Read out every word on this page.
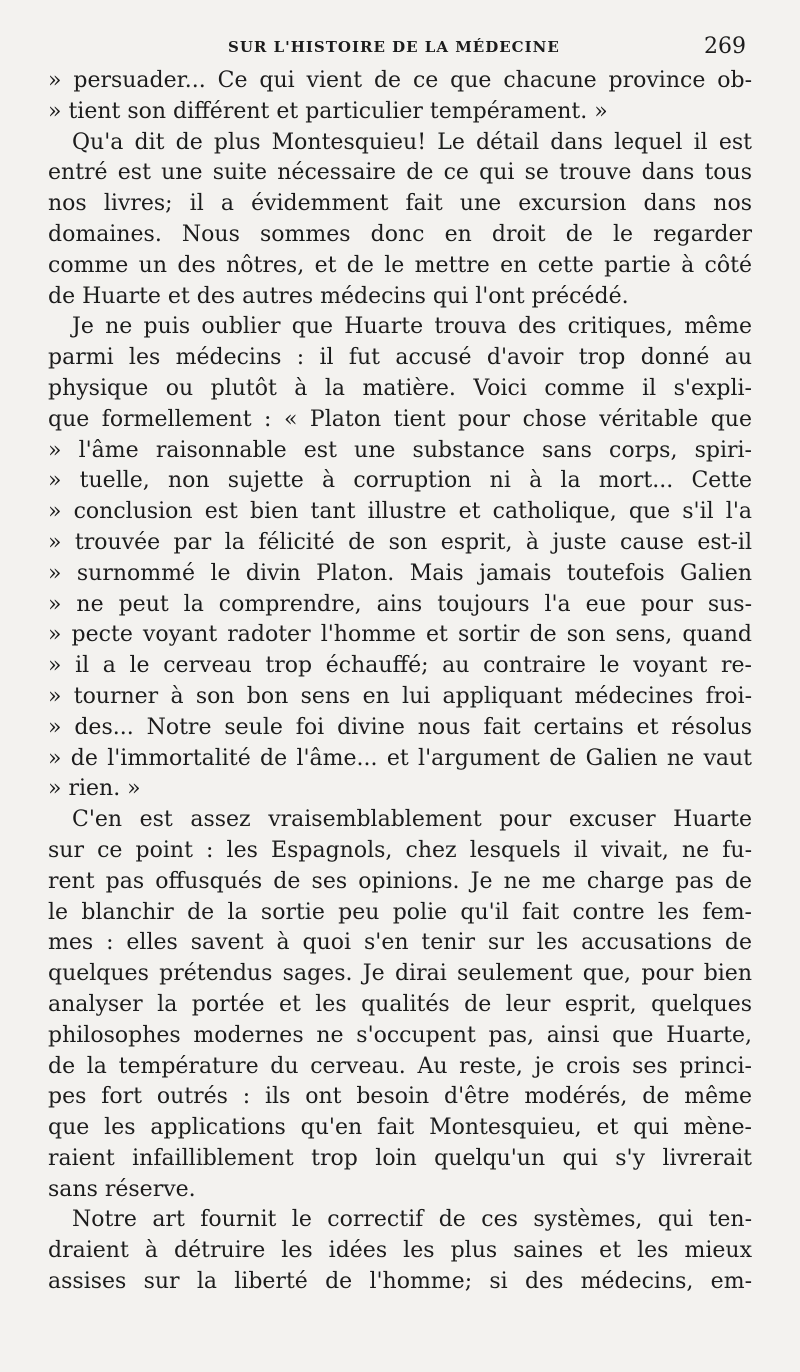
SUR L'HISTOIRE DE LA MÉDECINE	269
» persuader... Ce qui vient de ce que chacune province ob-
» tient son différent et particulier tempérament. »
Qu'a dit de plus Montesquieu! Le détail dans lequel il est
entré est une suite nécessaire de ce qui se trouve dans tous
nos livres; il a évidemment fait une excursion dans nos
domaines. Nous sommes donc en droit de le regarder
comme un des nôtres, et de le mettre en cette partie à côté
de Huarte et des autres médecins qui l'ont précédé.
Je ne puis oublier que Huarte trouva des critiques, même
parmi les médecins : il fut accusé d'avoir trop donné au
physique ou plutôt à la matière. Voici comme il s'expli-
que formellement : « Platon tient pour chose véritable que
» l'âme raisonnable est une substance sans corps, spiri-
» tuelle, non sujette à corruption ni à la mort... Cette
» conclusion est bien tant illustre et catholique, que s'il l'a
» trouvée par la félicité de son esprit, à juste cause est-il
» surnommé le divin Platon. Mais jamais toutefois Galien
» ne peut la comprendre, ains toujours l'a eue pour sus-
» pecte voyant radoter l'homme et sortir de son sens, quand
» il a le cerveau trop échauffé; au contraire le voyant re-
» tourner à son bon sens en lui appliquant médecines froi-
» des... Notre seule foi divine nous fait certains et résolus
» de l'immortalité de l'âme... et l'argument de Galien ne vaut
» rien. »
C'en est assez vraisemblablement pour excuser Huarte
sur ce point : les Espagnols, chez lesquels il vivait, ne fu-
rent pas offusqués de ses opinions. Je ne me charge pas de
le blanchir de la sortie peu polie qu'il fait contre les fem-
mes : elles savent à quoi s'en tenir sur les accusations de
quelques prétendus sages. Je dirai seulement que, pour bien
analyser la portée et les qualités de leur esprit, quelques
philosophes modernes ne s'occupent pas, ainsi que Huarte,
de la température du cerveau. Au reste, je crois ses princi-
pes fort outrés : ils ont besoin d'être modérés, de même
que les applications qu'en fait Montesquieu, et qui mène-
raient infailliblement trop loin quelqu'un qui s'y livrerait
sans réserve.
Notre art fournit le correctif de ces systèmes, qui ten-
draient à détruire les idées les plus saines et les mieux
assises sur la liberté de l'homme; si des médecins, em-
